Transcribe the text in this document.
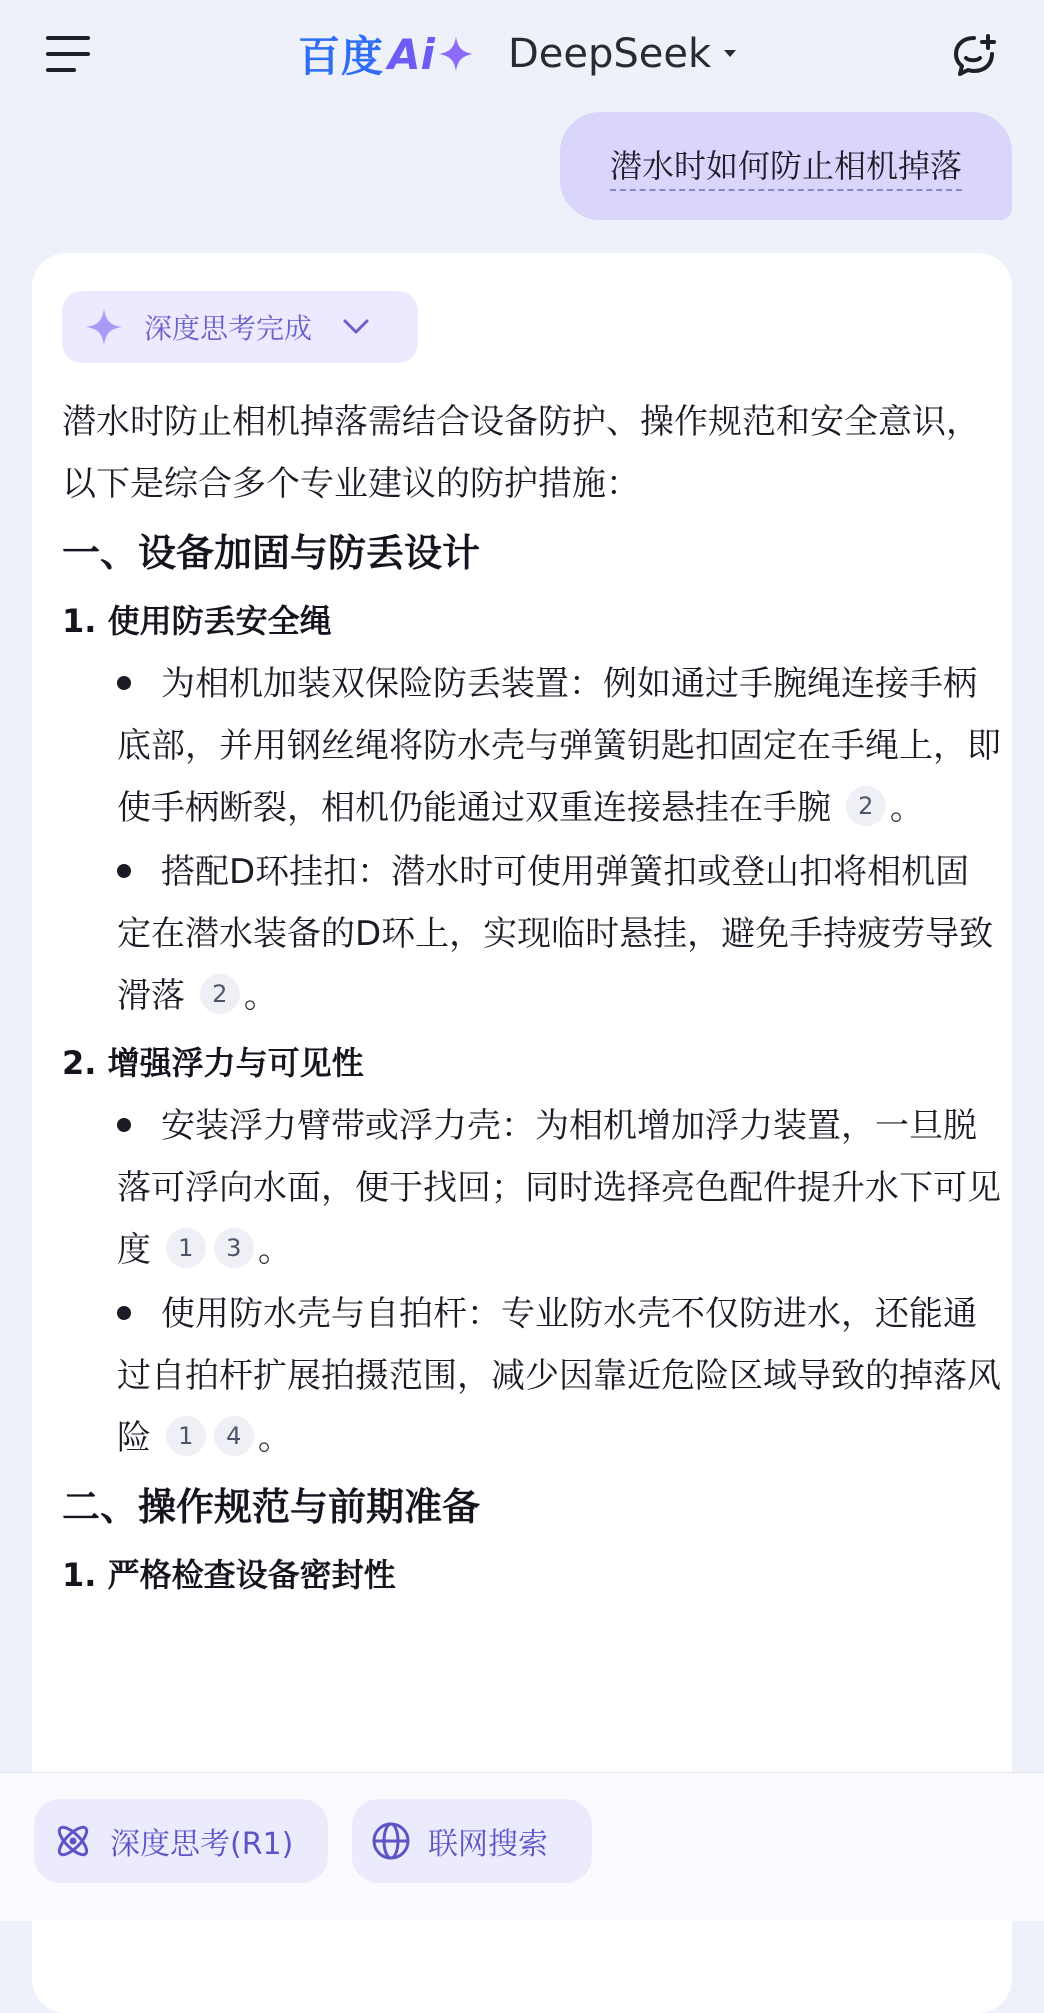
百度 Ai DeepSeek
潜水时如何防止相机掉落
深度思考完成

潜水时防止相机掉落需结合设备防护、操作规范和安全意识，以下是综合多个专业建议的防护措施：

一、设备加固与防丢设计
1. 使用防丢安全绳
为相机加装双保险防丢装置：例如通过手腕绳连接手柄底部，并用钢丝绳将防水壳与弹簧钥匙扣固定在手绳上，即使手柄断裂，相机仍能通过双重连接悬挂在手腕 2 。
搭配D环挂扣：潜水时可使用弹簧扣或登山扣将相机固定在潜水装备的D环上，实现临时悬挂，避免手持疲劳导致滑落 2 。
2. 增强浮力与可见性
安装浮力臂带或浮力壳：为相机增加浮力装置，一旦脱落可浮向水面，便于找回；同时选择亮色配件提升水下可见度 1 3 。
使用防水壳与自拍杆：专业防水壳不仅防进水，还能通过自拍杆扩展拍摄范围，减少因靠近危险区域导致的掉落风险 1 4 。
二、操作规范与前期准备
1. 严格检查设备密封性
深度思考(R1)	联网搜索
